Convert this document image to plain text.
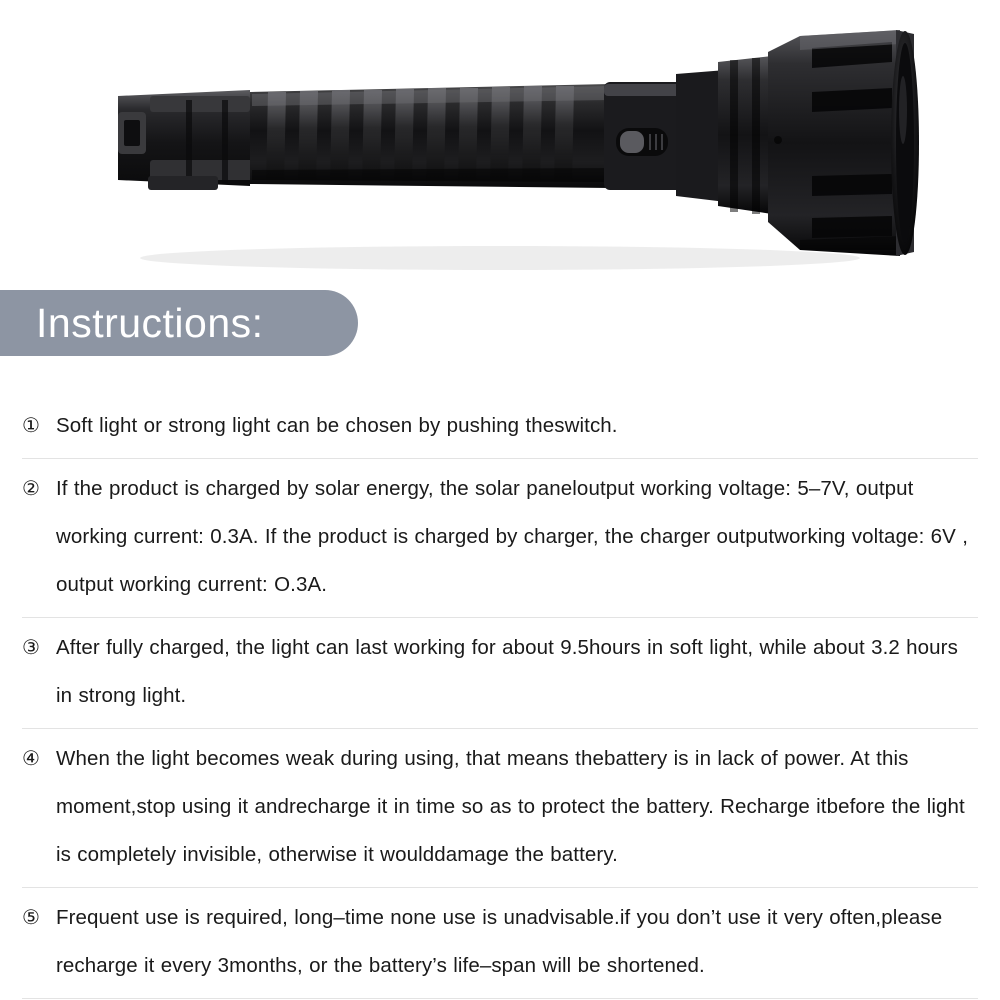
Instructions:
① Soft light or strong light can be chosen by pushing theswitch.
② If the product is charged by solar energy, the solar paneloutput working voltage: 5–7V, output working current: 0.3A. If the product is charged by charger, the charger outputworking voltage: 6V , output working current: O.3A.
③ After fully charged, the light can last working for about 9.5hours in soft light, while about 3.2 hours in strong light.
④ When the light becomes weak during using, that means thebattery is in lack of power. At this moment,stop using it andrecharge it in time so as to protect the battery. Recharge itbefore the light is completely invisible, otherwise it woulddamage the battery.
⑤ Frequent use is required, long–time none use is unadvisable.if you don’t use it very often,please recharge it every 3months, or the battery’s life–span will be shortened.
